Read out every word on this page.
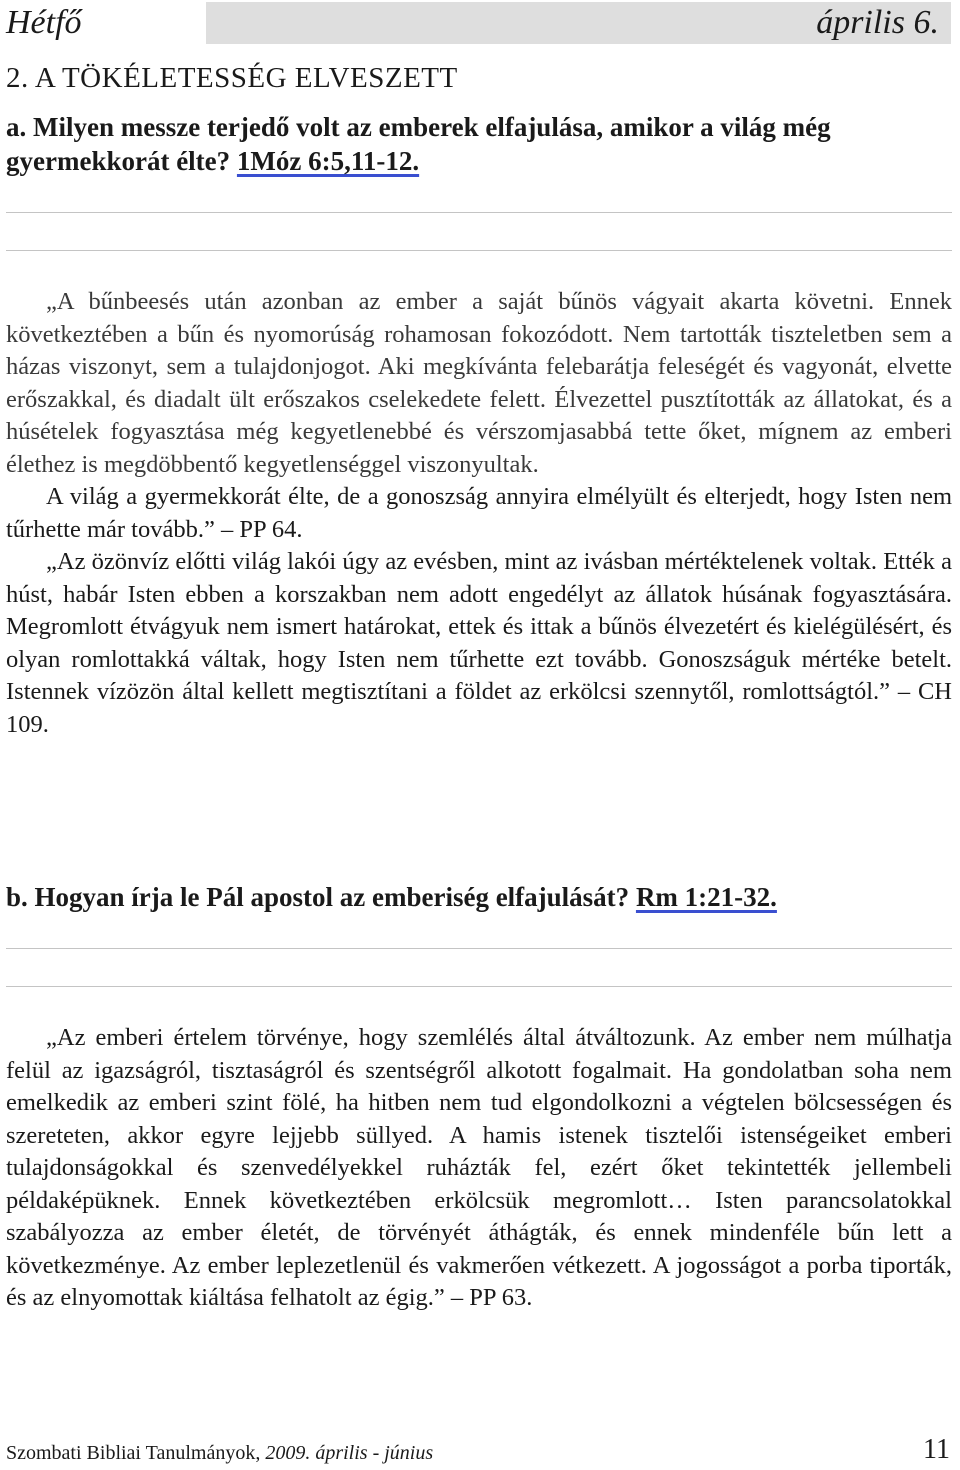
Hétfő	április 6.
2. A TÖKÉLETESSÉG ELVESZETT
a. Milyen messze terjedő volt az emberek elfajulása, amikor a világ még gyermekkorát élte? 1Móz 6:5,11-12.

„A bűnbeesés után azonban az ember a saját bűnös vágyait akarta követni. Ennek következtében a bűn és nyomorúság rohamosan fokozódott. Nem tartották tiszteletben sem a házas viszonyt, sem a tulajdonjogot. Aki megkívánta felebarátja feleségét és vagyonát, elvette erőszakkal, és diadalt ült erőszakos cselekedete felett. Élvezettel pusztították az állatokat, és a húsételek fogyasztása még kegyetlenebbé és vérszomjasabbá tette őket, mígnem az emberi élethez is megdöbbentő kegyetlenséggel viszonyultak.

A világ a gyermekkorát élte, de a gonoszság annyira elmélyült és elterjedt, hogy Isten nem tűrhette már tovább.” – PP 64.

„Az özönvíz előtti világ lakói úgy az evésben, mint az ivásban mértéktelenek voltak. Ették a húst, habár Isten ebben a korszakban nem adott engedélyt az állatok húsának fogyasztására. Megromlott étvágyuk nem ismert határokat, ettek és ittak a bűnös élvezetért és kielégülésért, és olyan romlottakká váltak, hogy Isten nem tűrhette ezt tovább. Gonoszságuk mértéke betelt. Istennek vízözön által kellett megtisztítani a földet az erkölcsi szennytől, romlottságtól.” – CH 109.

b. Hogyan írja le Pál apostol az emberiség elfajulását? Rm 1:21-32.

„Az emberi értelem törvénye, hogy szemlélés által átváltozunk. Az ember nem múlhatja felül az igazságról, tisztaságról és szentségről alkotott fogalmait. Ha gondolatban soha nem emelkedik az emberi szint fölé, ha hitben nem tud elgondolkozni a végtelen bölcsességen és szereteten, akkor egyre lejjebb süllyed. A hamis istenek tisztelői istenségeiket emberi tulajdonságokkal és szenvedélyekkel ruházták fel, ezért őket tekintették jellembeli példaképüknek. Ennek következtében erkölcsük megromlott… Isten parancsolatokkal szabályozza az ember életét, de törvényét áthágták, és ennek mindenféle bűn lett a következménye. Az ember leplezetlenül és vakmerően vétkezett. A jogosságot a porba tiporták, és az elnyomottak kiáltása felhatolt az égig.” – PP 63.

Szombati Bibliai Tanulmányok, 2009. április - június	11
